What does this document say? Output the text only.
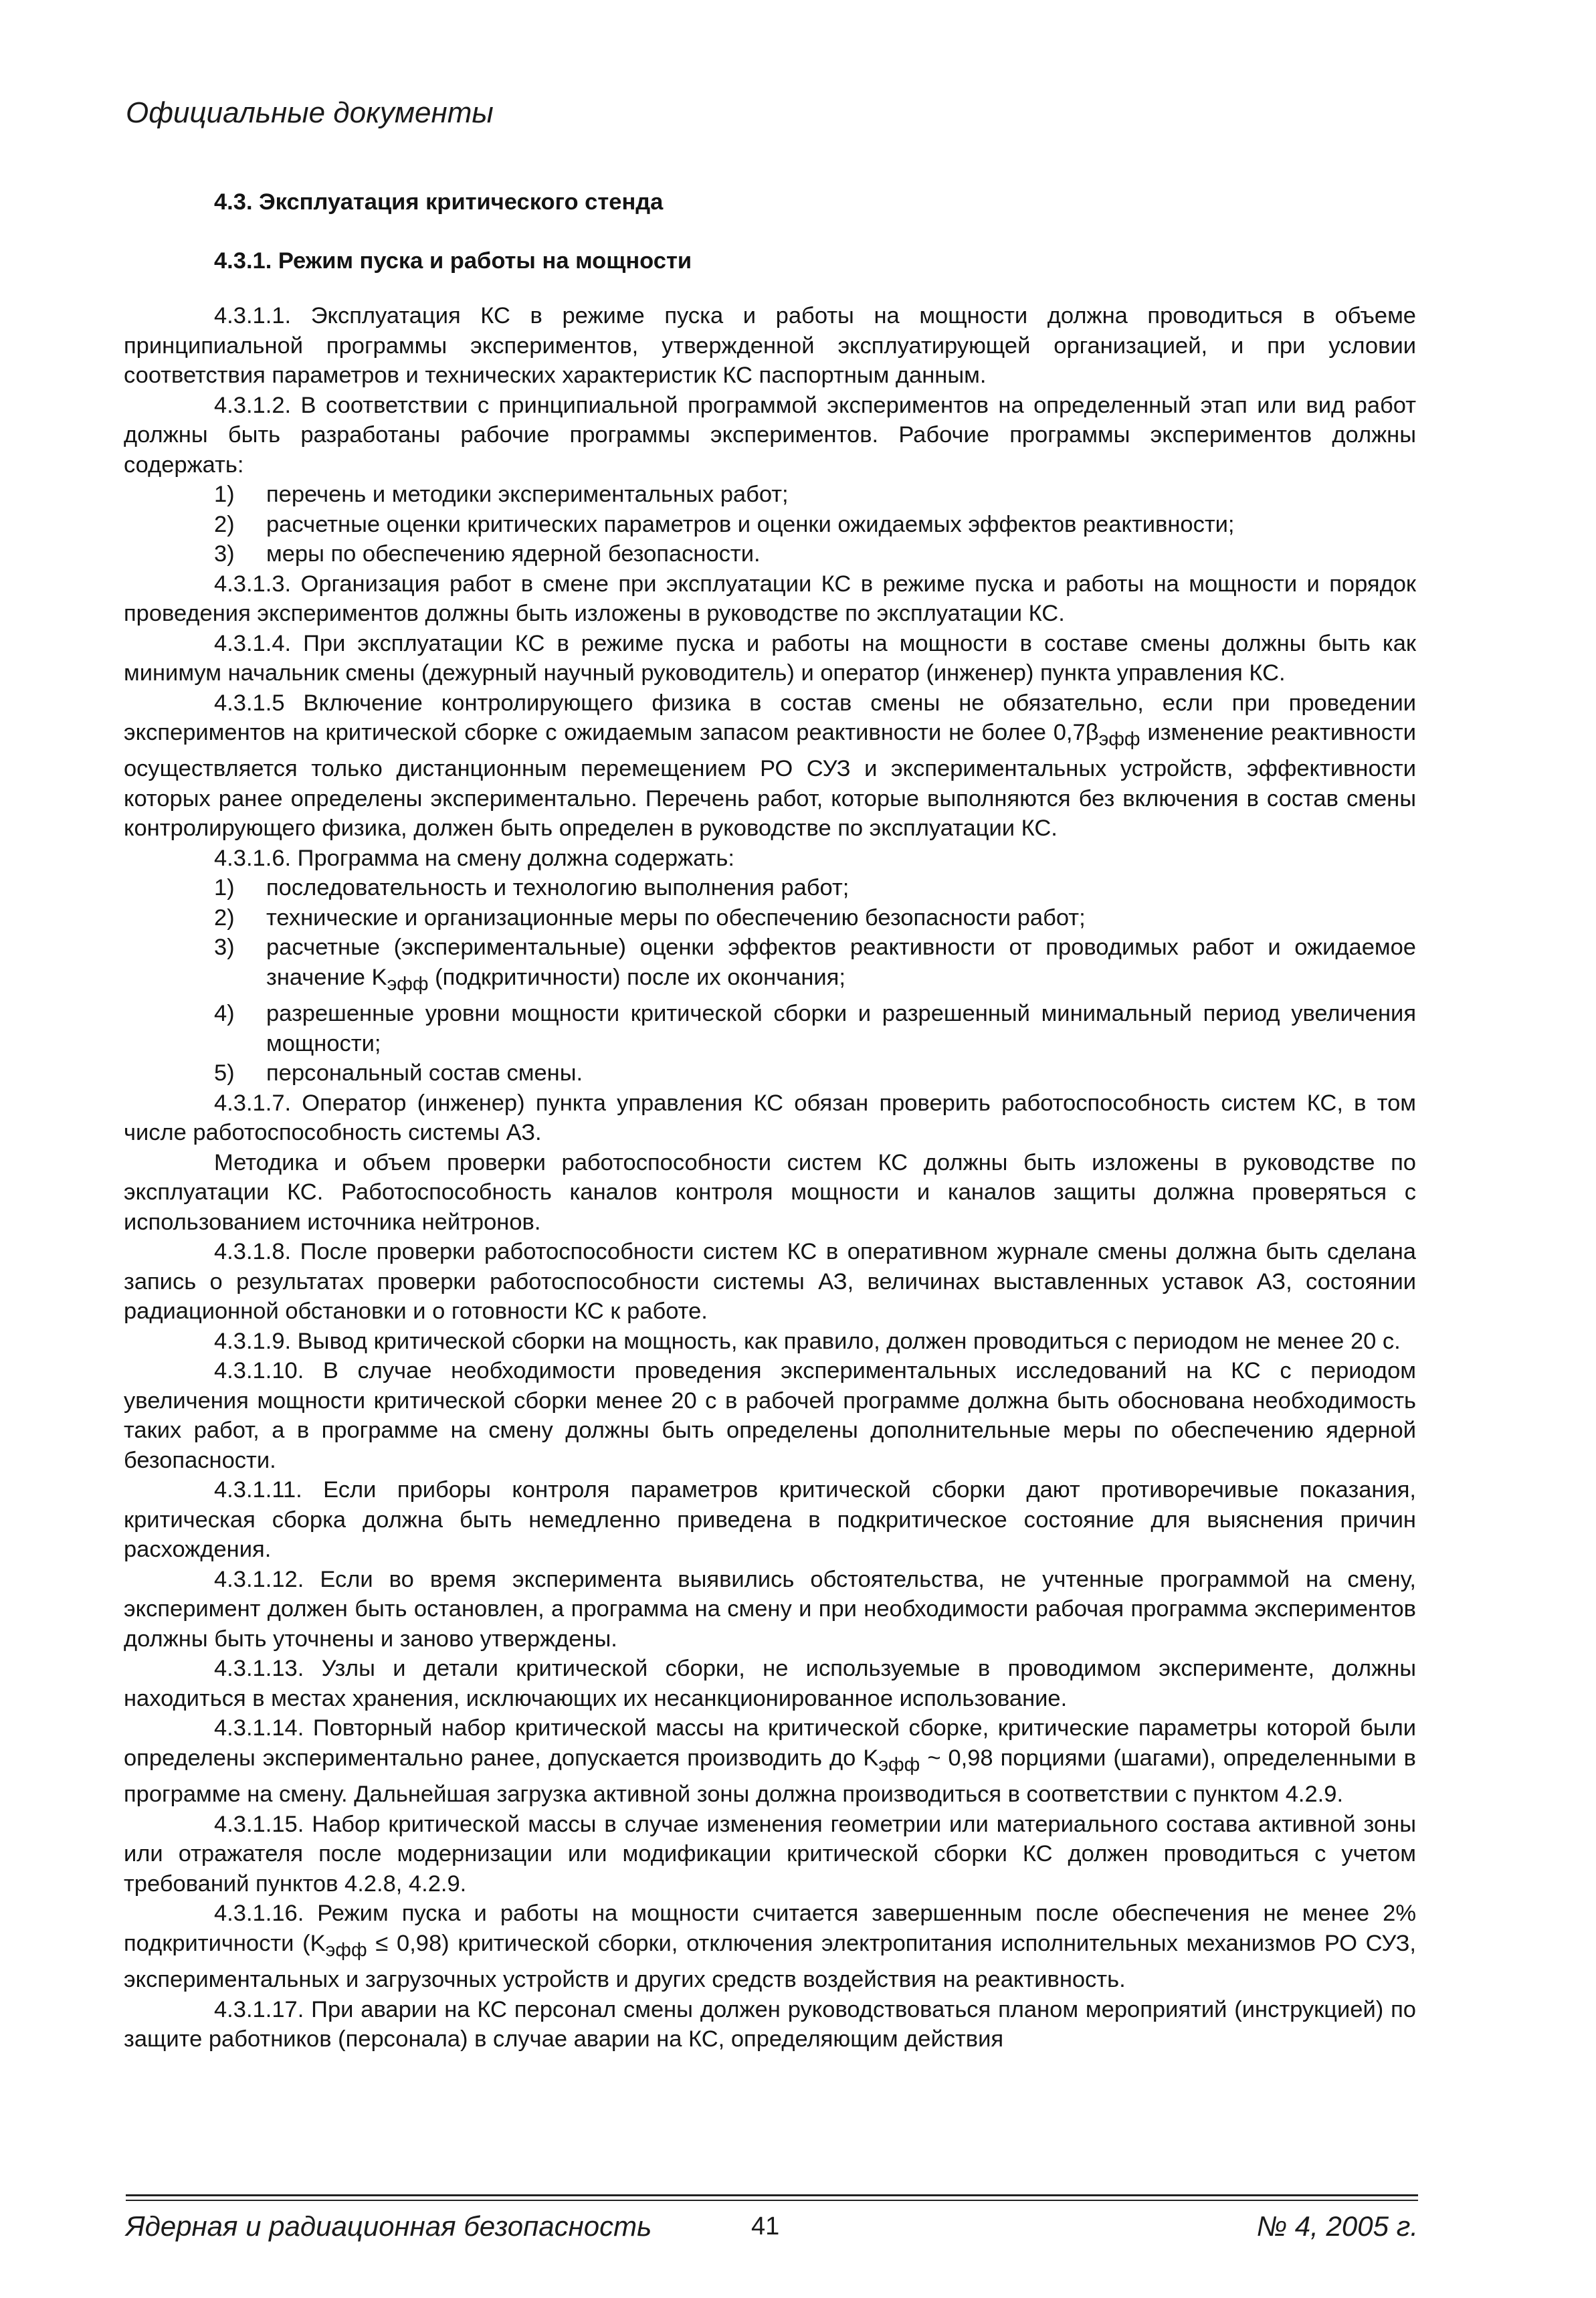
Официальные документы
4.3. Эксплуатация критического стенда
4.3.1. Режим пуска и работы на мощности

4.3.1.1. Эксплуатация КС в режиме пуска и работы на мощности должна проводиться в объеме принципиальной программы экспериментов, утвержденной эксплуатирующей организацией, и при условии соответствия параметров и технических характеристик КС паспортным данным.

4.3.1.2. В соответствии с принципиальной программой экспериментов на определенный этап или вид работ должны быть разработаны рабочие программы экспериментов. Рабочие программы экспериментов должны содержать:

1)	перечень и методики экспериментальных работ;
2)	расчетные оценки критических параметров и оценки ожидаемых эффектов реактивности;
3)	меры по обеспечению ядерной безопасности.

4.3.1.3. Организация работ в смене при эксплуатации КС в режиме пуска и работы на мощности и порядок проведения экспериментов должны быть изложены в руководстве по эксплуатации КС.

4.3.1.4. При эксплуатации КС в режиме пуска и работы на мощности в составе смены должны быть как минимум начальник смены (дежурный научный руководитель) и оператор (инженер) пункта управления КС.

4.3.1.5 Включение контролирующего физика в состав смены не обязательно, если при проведении экспериментов на критической сборке с ожидаемым запасом реактивности не более $0,7\beta_{эфф}$ изменение реактивности осуществляется только дистанционным перемещением РО СУЗ и экспериментальных устройств, эффективности которых ранее определены экспериментально. Перечень работ, которые выполняются без включения в состав смены контролирующего физика, должен быть определен в руководстве по эксплуатации КС.

4.3.1.6. Программа на смену должна содержать:

1)	последовательность и технологию выполнения работ;
2)	технические и организационные меры по обеспечению безопасности работ;
3)	расчетные (экспериментальные) оценки эффектов реактивности от проводимых работ и ожидаемое значение $K_{эфф}$ (подкритичности) после их окончания;
4)	разрешенные уровни мощности критической сборки и разрешенный минимальный период увеличения мощности;
5)	персональный состав смены.

4.3.1.7. Оператор (инженер) пункта управления КС обязан проверить работоспособность систем КС, в том числе работоспособность системы АЗ.

Методика и объем проверки работоспособности систем КС должны быть изложены в руководстве по эксплуатации КС. Работоспособность каналов контроля мощности и каналов защиты должна проверяться с использованием источника нейтронов.

4.3.1.8. После проверки работоспособности систем КС в оперативном журнале смены должна быть сделана запись о результатах проверки работоспособности системы АЗ, величинах выставленных уставок АЗ, состоянии радиационной обстановки и о готовности КС к работе.

4.3.1.9. Вывод критической сборки на мощность, как правило, должен проводиться с периодом не менее 20 с.

4.3.1.10. В случае необходимости проведения экспериментальных исследований на КС с периодом увеличения мощности критической сборки менее 20 с в рабочей программе должна быть обоснована необходимость таких работ, а в программе на смену должны быть определены дополнительные меры по обеспечению ядерной безопасности.

4.3.1.11. Если приборы контроля параметров критической сборки дают противоречивые показания, критическая сборка должна быть немедленно приведена в подкритическое состояние для выяснения причин расхождения.

4.3.1.12. Если во время эксперимента выявились обстоятельства, не учтенные программой на смену, эксперимент должен быть остановлен, а программа на смену и при необходимости рабочая программа экспериментов должны быть уточнены и заново утверждены.

4.3.1.13. Узлы и детали критической сборки, не используемые в проводимом эксперименте, должны находиться в местах хранения, исключающих их несанкционированное использование.

4.3.1.14. Повторный набор критической массы на критической сборке, критические параметры которой были определены экспериментально ранее, допускается производить до $K_{эфф}$ ~ 0,98 порциями (шагами), определенными в программе на смену. Дальнейшая загрузка активной зоны должна производиться в соответствии с пунктом 4.2.9.

4.3.1.15. Набор критической массы в случае изменения геометрии или материального состава активной зоны или отражателя после модернизации или модификации критической сборки КС должен проводиться с учетом требований пунктов 4.2.8, 4.2.9.

4.3.1.16. Режим пуска и работы на мощности считается завершенным после обеспечения не менее 2% подкритичности $(K_{эфф} \le 0,98)$ критической сборки, отключения электропитания исполнительных механизмов РО СУЗ, экспериментальных и загрузочных устройств и других средств воздействия на реактивность.

4.3.1.17. При аварии на КС персонал смены должен руководствоваться планом мероприятий (инструкцией) по защите работников (персонала) в случае аварии на КС, определяющим действия

Ядерная и радиационная безопасность	41	№ 4, 2005 г.
